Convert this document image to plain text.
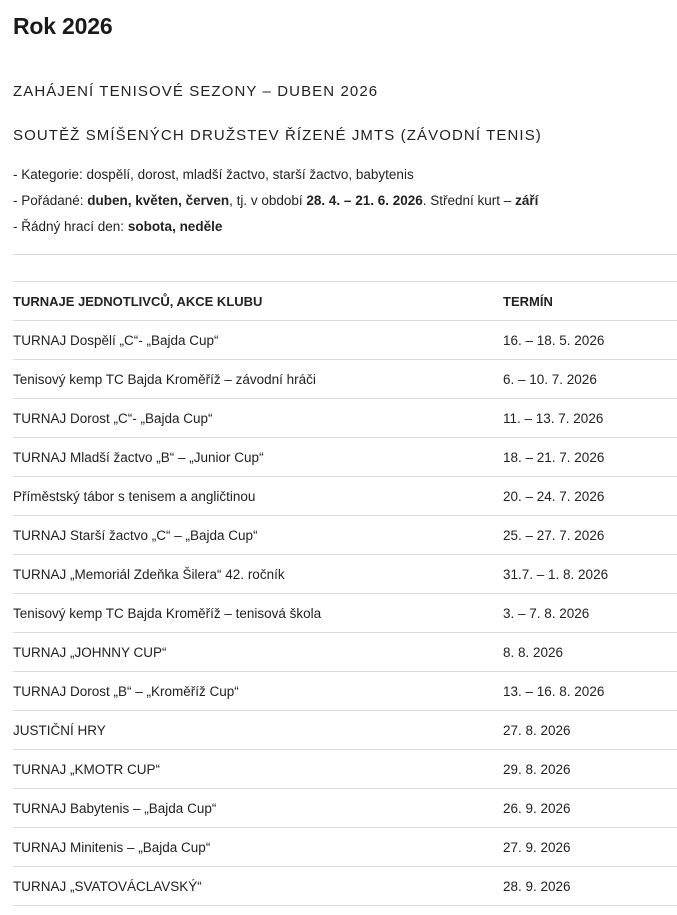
Rok 2026
ZAHÁJENÍ TENISOVÉ SEZONY – DUBEN 2026
SOUTĚŽ SMÍŠENÝCH DRUŽSTEV ŘÍZENÉ JMTS (ZÁVODNÍ TENIS)
- Kategorie: dospělí, dorost, mladší žactvo, starší žactvo, babytenis
- Pořádané: duben, květen, červen, tj. v období 28. 4. – 21. 6. 2026. Střední kurt – září
- Řádný hrací den: sobota, neděle
TURNAJE JEDNOTLIVCŮ, AKCE KLUBU	TERMÍN
TURNAJ Dospělí „C“- „Bajda Cup“	16. – 18. 5. 2026
Tenisový kemp TC Bajda Kroměříž – závodní hráči	6. – 10. 7. 2026
TURNAJ Dorost „C“- „Bajda Cup“	11. – 13. 7. 2026
TURNAJ Mladší žactvo „B“ – „Junior Cup“	18. – 21. 7. 2026
Příměstský tábor s tenisem a angličtinou	20. – 24. 7. 2026
TURNAJ Starší žactvo „C“ – „Bajda Cup“	25. – 27. 7. 2026
TURNAJ „Memoriál Zdeňka Šilera“ 42. ročník	31.7. – 1. 8. 2026
Tenisový kemp TC Bajda Kroměříž – tenisová škola	3. – 7. 8. 2026
TURNAJ „JOHNNY CUP“	8. 8. 2026
TURNAJ Dorost „B“ – „Kroměříž Cup“	13. – 16. 8. 2026
JUSTIČNÍ HRY	27. 8. 2026
TURNAJ „KMOTR CUP“	29. 8. 2026
TURNAJ Babytenis – „Bajda Cup“	26. 9. 2026
TURNAJ Minitenis – „Bajda Cup“	27. 9. 2026
TURNAJ „SVATOVÁCLAVSKÝ“	28. 9. 2026
